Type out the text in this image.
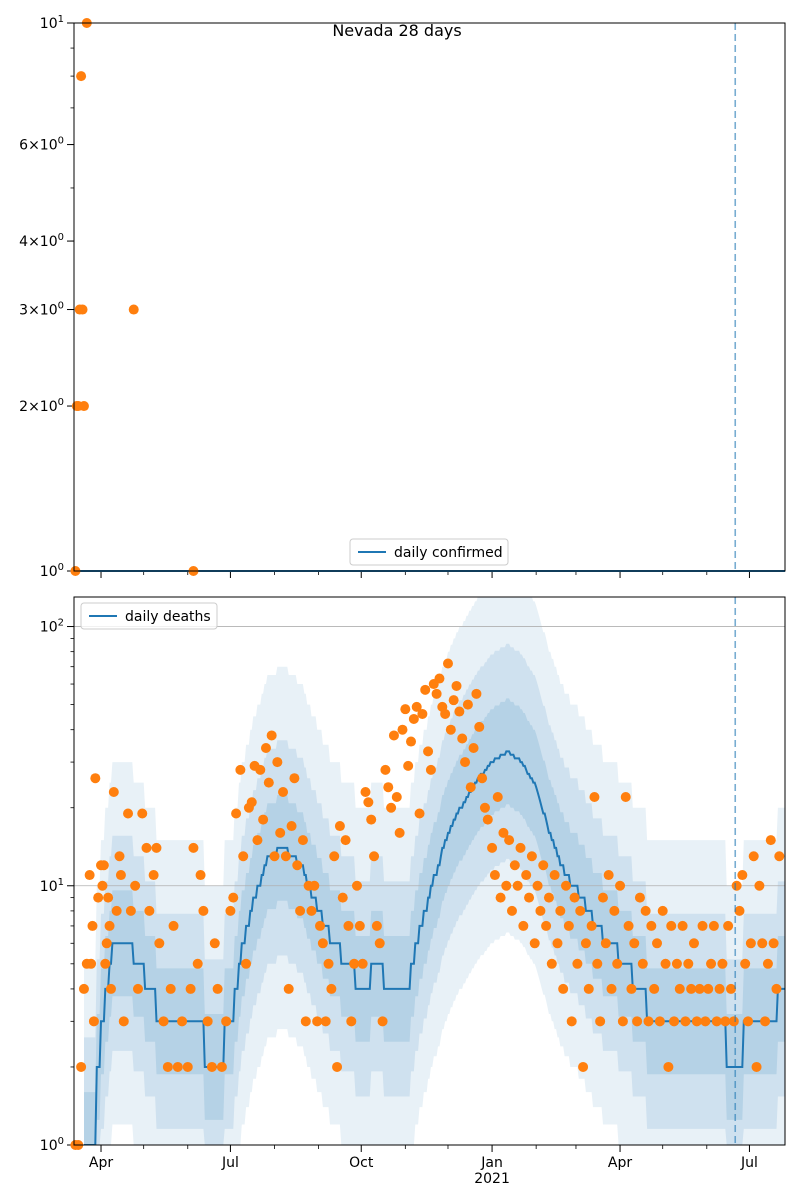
$10^0$
$2\times 10^0$
$3\times 10^0$
$4\times 10^0$
$6\times 10^0$
$10^1$
daily confirmed
$10^0$
$10^1$
$10^2$
Apr	Jul	Oct	Jan
2021
Apr	Jul
daily deaths
Nevada 28 days
